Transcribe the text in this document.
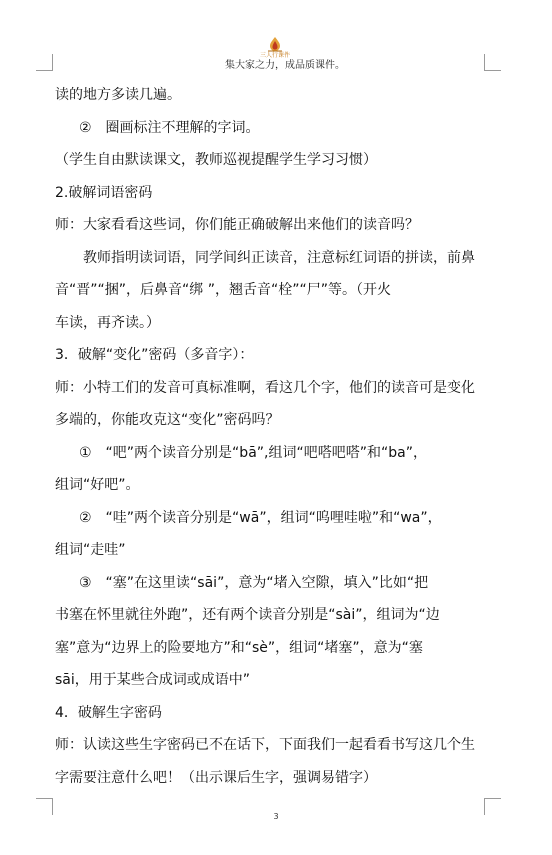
三人行课件
集大家之力，成品质课件。
读的地方多读几遍。
②　圈画标注不理解的字词。
（学生自由默读课文，教师巡视提醒学生学习习惯）
2.破解词语密码
师：大家看看这些词，你们能正确破解出来他们的读音吗？
教师指明读词语，同学间纠正读音，注意标红词语的拼读，前鼻
音“晋”“捆”，后鼻音“绑 ”，翘舌音“栓”“尸”等。（开火
车读，再齐读。）
3．破解“变化”密码（多音字）：
师：小特工们的发音可真标准啊，看这几个字，他们的读音可是变化
多端的，你能攻克这“变化”密码吗？
①　“吧”两个读音分别是“bā”,组词“吧嗒吧嗒”和“ba”，
组词“好吧”。
②　“哇”两个读音分别是“wā”，组词“呜哩哇啦”和“wa”，
组词“走哇”
③　“塞”在这里读“sāi”，意为“堵入空隙，填入”比如“把
书塞在怀里就往外跑”，还有两个读音分别是“sài”，组词为“边
塞”意为“边界上的险要地方”和“sè”，组词“堵塞”，意为“塞
sāi，用于某些合成词或成语中”
4．破解生字密码
师：认读这些生字密码已不在话下，下面我们一起看看书写这几个生
字需要注意什么吧！（出示课后生字，强调易错字）
3
